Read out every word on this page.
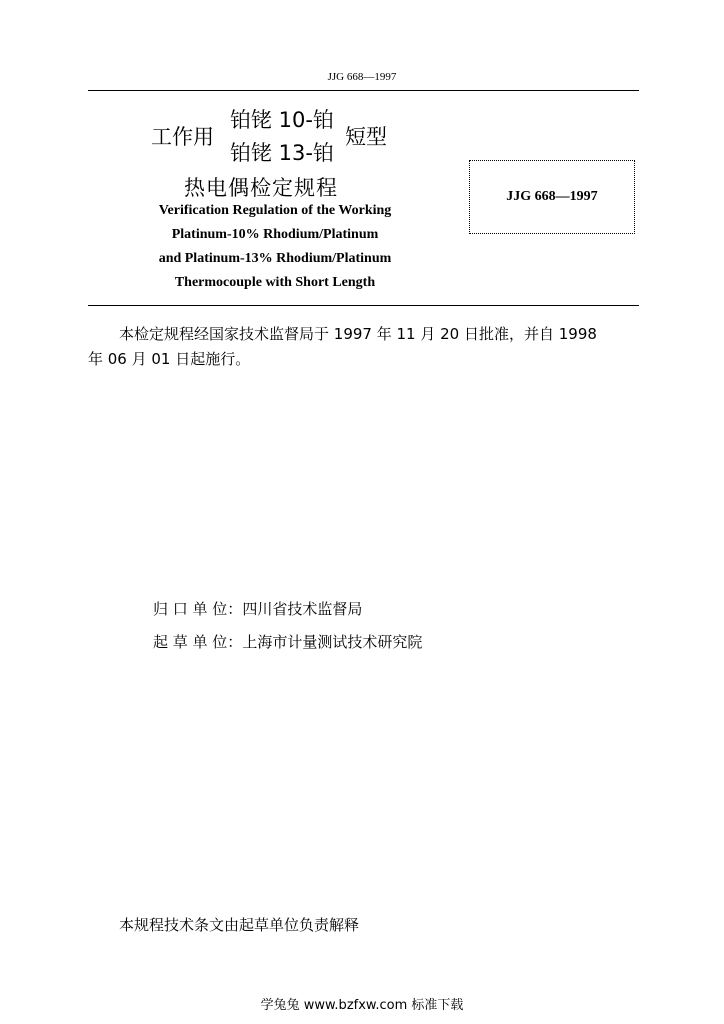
JJG 668—1997
工作用
铂铑 10-铂
铂铑 13-铂
短型
热电偶检定规程
Verification Regulation of the Working
Platinum-10% Rhodium/Platinum
and Platinum-13% Rhodium/Platinum
Thermocouple with Short Length
JJG 668—1997
本检定规程经国家技术监督局于 1997 年 11 月 20 日批准，并自 1998
年 06 月 01 日起施行。
归 口 单 位：四川省技术监督局
起 草 单 位：上海市计量测试技术研究院
本规程技术条文由起草单位负责解释
学兔兔 www.bzfxw.com 标准下载
